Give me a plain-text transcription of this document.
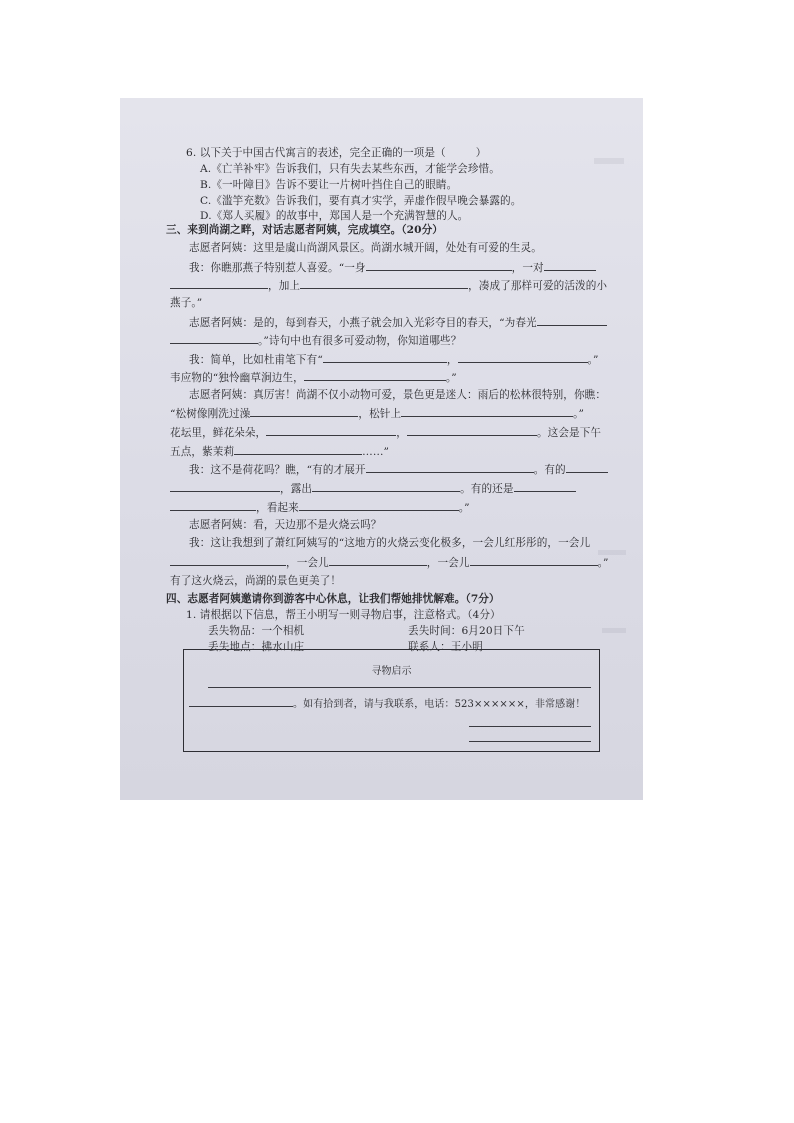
6. 以下关于中国古代寓言的表述，完全正确的一项是（	）
A.《亡羊补牢》告诉我们，只有失去某些东西，才能学会珍惜。
B.《一叶障目》告诉不要让一片树叶挡住自己的眼睛。
C.《滥竽充数》告诉我们，要有真才实学，弄虚作假早晚会暴露的。
D.《郑人买履》的故事中，郑国人是一个充满智慧的人。
三、来到尚湖之畔，对话志愿者阿姨，完成填空。（20分）
志愿者阿姨：这里是虞山尚湖风景区。尚湖水城开阔，处处有可爱的生灵。
我：你瞧那燕子特别惹人喜爱。“一身	，一对
，加上	，凑成了那样可爱的活泼的小
燕子。”
志愿者阿姨：是的，每到春天，小燕子就会加入光彩夺目的春天，“为春光
。”诗句中也有很多可爱动物，你知道哪些？
我：简单，比如杜甫笔下有“	，	。”
韦应物的“独怜幽草涧边生，	。”
志愿者阿姨：真厉害！尚湖不仅小动物可爱，景色更是迷人：雨后的松林很特别，你瞧：
“松树像刚洗过澡	，松针上	。”
花坛里，鲜花朵朵，	，	。这会是下午
五点，紫茉莉	……”
我：这不是荷花吗？瞧，“有的才展开	。有的
，露出	。有的还是
，看起来	。”
志愿者阿姨：看，天边那不是火烧云吗？
我：这让我想到了萧红阿姨写的“这地方的火烧云变化极多，一会儿红彤彤的，一会儿
，一会儿	，一会儿	。”
有了这火烧云，尚湖的景色更美了！
四、志愿者阿姨邀请你到游客中心休息，让我们帮她排忧解难。（7分）
1. 请根据以下信息，帮王小明写一则寻物启事，注意格式。（4分）
丢失物品：一个相机	丢失时间：6月20日下午
丢失地点：拂水山庄	联系人：王小明
寻物启示
。如有拾到者，请与我联系，电话：523××××××，非常感谢！
